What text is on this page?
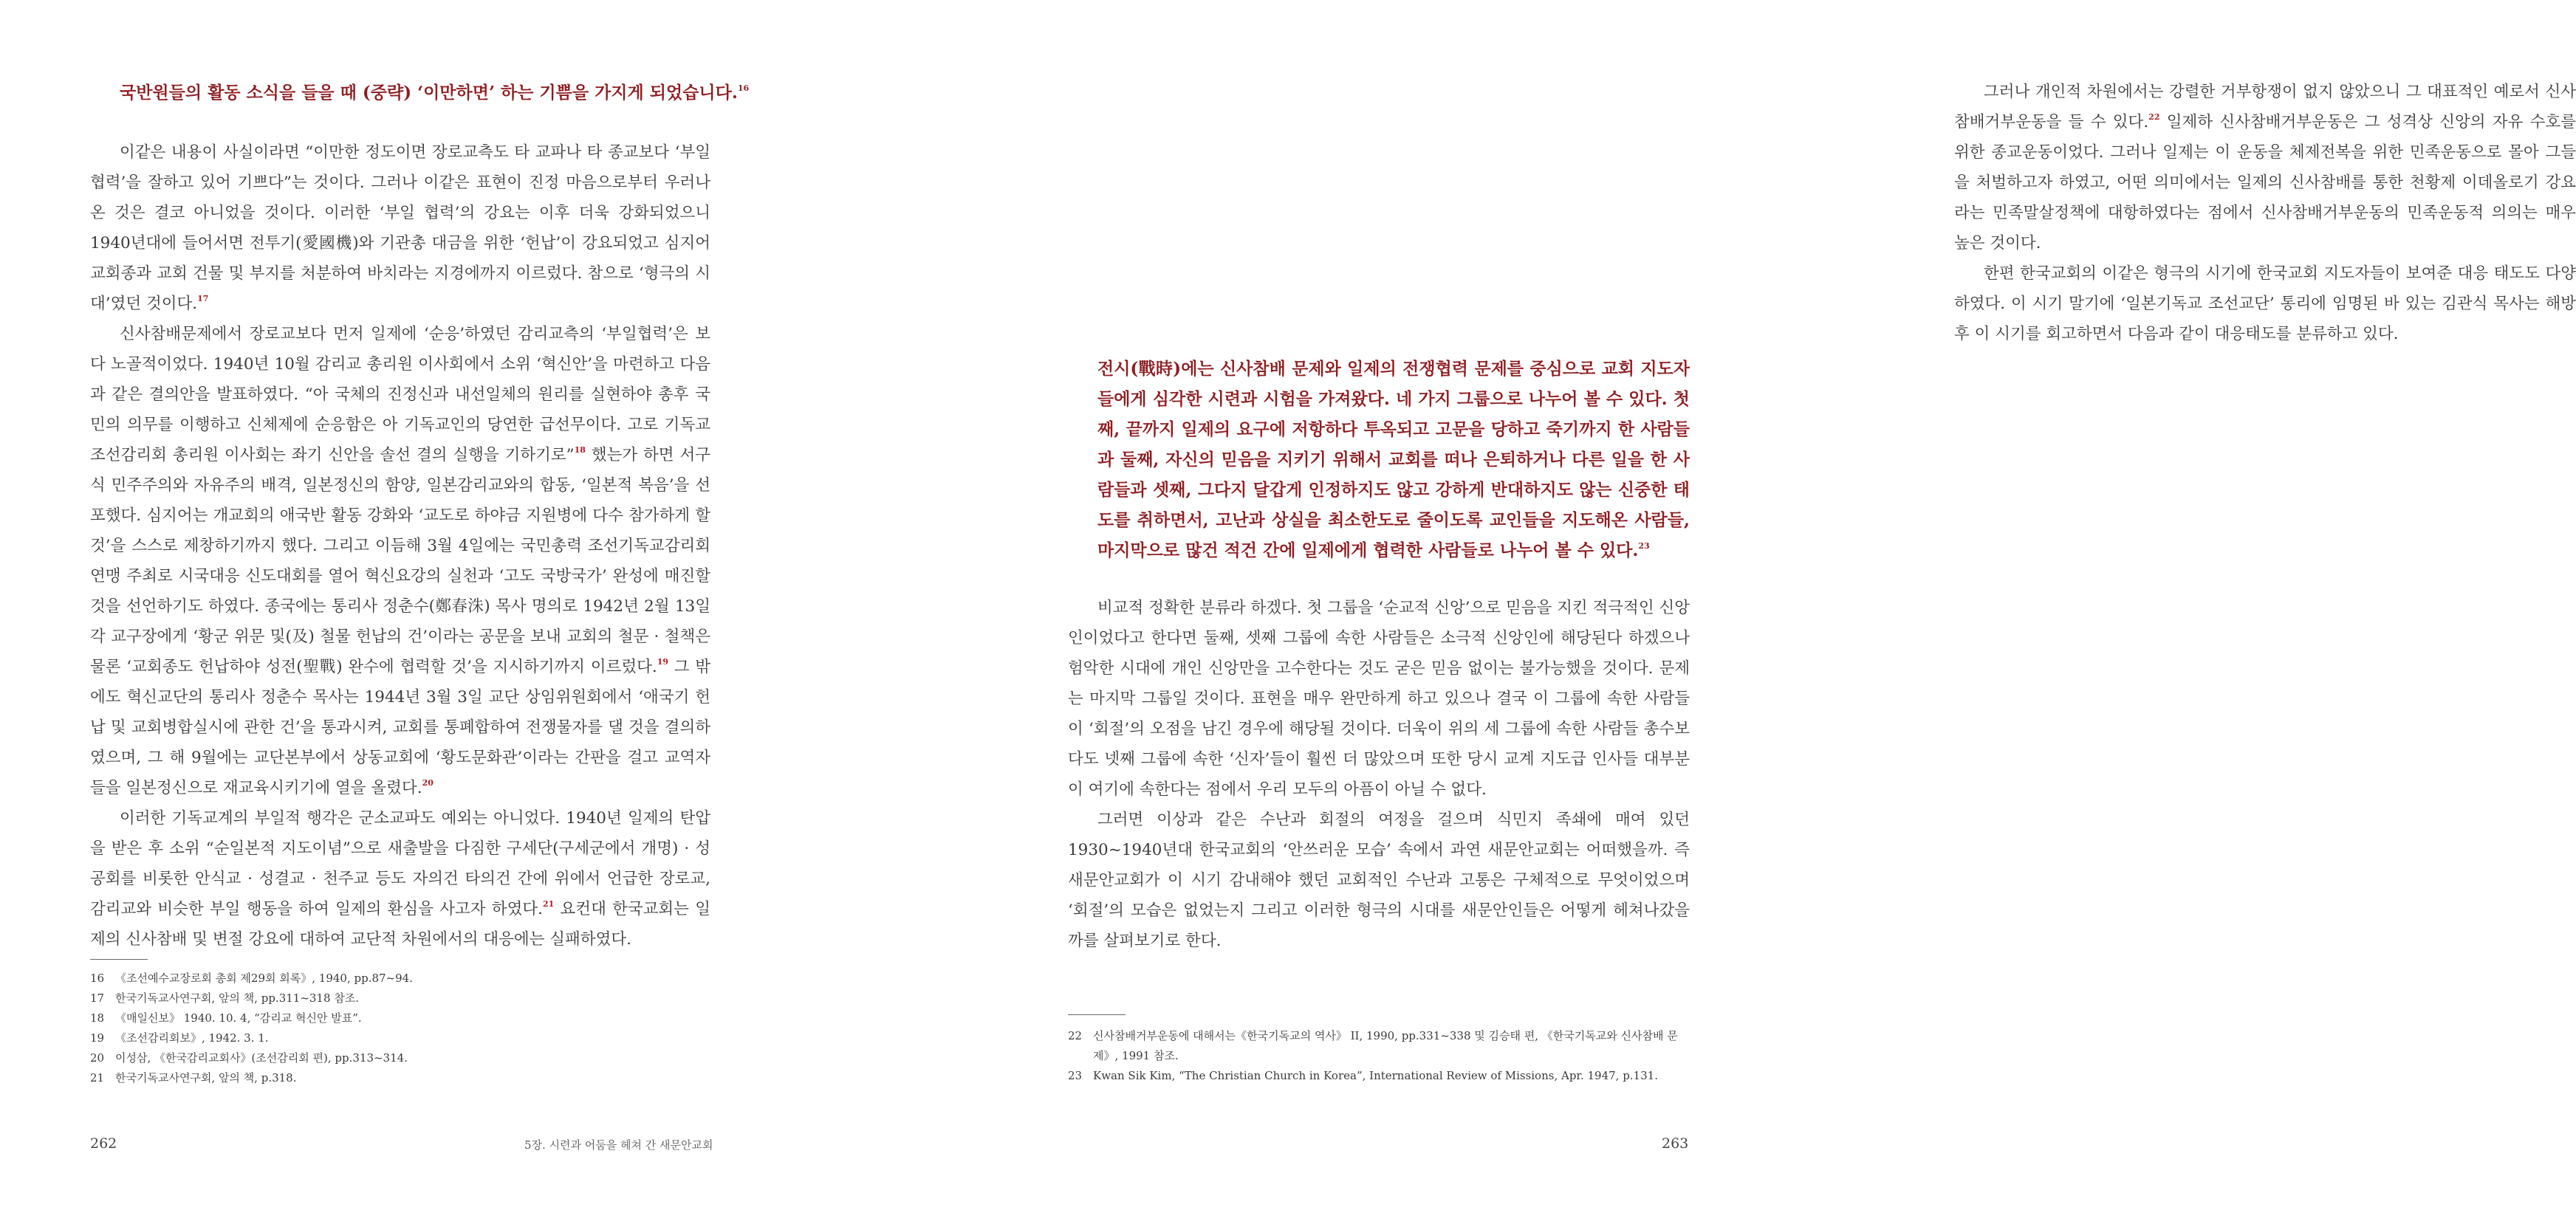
국반원들의 활동 소식을 들을 때 (중략) ‘이만하면’ 하는 기쁨을 가지게 되었습니다.$^{16}$

이같은 내용이 사실이라면 “이만한 정도이면 장로교측도 타 교파나 타 종교보다 ‘부일협력’을 잘하고 있어 기쁘다”는 것이다. 그러나 이같은 표현이 진정 마음으로부터 우러나온 것은 결코 아니었을 것이다. 이러한 ‘부일 협력’의 강요는 이후 더욱 강화되었으니 1940년대에 들어서면 전투기(愛國機)와 기관총 대금을 위한 ‘헌납’이 강요되었고 심지어 교회종과 교회 건물 및 부지를 처분하여 바치라는 지경에까지 이르렀다. 참으로 ‘형극의 시대’였던 것이다.$^{17}$

신사참배문제에서 장로교보다 먼저 일제에 ‘순응’하였던 감리교측의 ‘부일협력’은 보다 노골적이었다. 1940년 10월 감리교 총리원 이사회에서 소위 ‘혁신안’을 마련하고 다음과 같은 결의안을 발표하였다. “아 국체의 진정신과 내선일체의 원리를 실현하야 총후 국민의 의무를 이행하고 신체제에 순응함은 아 기독교인의 당연한 급선무이다. 고로 기독교조선감리회 총리원 이사회는 좌기 신안을 솔선 결의 실행을 기하기로”$^{18}$ 했는가 하면 서구식 민주주의와 자유주의 배격, 일본정신의 함양, 일본감리교와의 합동, ‘일본적 복음’을 선포했다. 심지어는 개교회의 애국반 활동 강화와 ‘교도로 하야금 지원병에 다수 참가하게 할 것’을 스스로 제창하기까지 했다. 그리고 이듬해 3월 4일에는 국민총력 조선기독교감리회연맹 주최로 시국대응 신도대회를 열어 혁신요강의 실천과 ‘고도 국방국가’ 완성에 매진할 것을 선언하기도 하였다. 종국에는 통리사 정춘수(鄭春洙) 목사 명의로 1942년 2월 13일 각 교구장에게 ‘황군 위문 및(及) 철물 헌납의 건’이라는 공문을 보내 교회의 철문 · 철책은 물론 ‘교회종도 헌납하야 성전(聖戰) 완수에 협력할 것’을 지시하기까지 이르렀다.$^{19}$ 그 밖에도 혁신교단의 통리사 정춘수 목사는 1944년 3월 3일 교단 상임위원회에서 ‘애국기 헌납 및 교회병합실시에 관한 건’을 통과시켜, 교회를 통폐합하여 전쟁물자를 댈 것을 결의하였으며, 그 해 9월에는 교단본부에서 상동교회에 ‘황도문화관’이라는 간판을 걸고 교역자들을 일본정신으로 재교육시키기에 열을 올렸다.$^{20}$

이러한 기독교계의 부일적 행각은 군소교파도 예외는 아니었다. 1940년 일제의 탄압을 받은 후 소위 “순일본적 지도이념”으로 새출발을 다짐한 구세단(구세군에서 개명) · 성공회를 비롯한 안식교 · 성결교 · 천주교 등도 자의건 타의건 간에 위에서 언급한 장로교, 감리교와 비슷한 부일 행동을 하여 일제의 환심을 사고자 하였다.$^{21}$ 요컨대 한국교회는 일제의 신사참배 및 변절 강요에 대하여 교단적 차원에서의 대응에는 실패하였다.

16 《조선예수교장로회 총회 제29회 회록》, 1940, pp.87~94.
17 한국기독교사연구회, 앞의 책, pp.311~318 참조.
18 《매일신보》 1940. 10. 4, “감리교 혁신안 발표”.
19 《조선감리회보》, 1942. 3. 1.
20 이성삼, 《한국감리교회사》(조선감리회 편), pp.313~314.
21 한국기독교사연구회, 앞의 책, p.318.
262	5장. 시련과 어둠을 헤쳐 간 새문안교회

그러나 개인적 차원에서는 강렬한 거부항쟁이 없지 않았으니 그 대표적인 예로서 신사참배거부운동을 들 수 있다.$^{22}$ 일제하 신사참배거부운동은 그 성격상 신앙의 자유 수호를 위한 종교운동이었다. 그러나 일제는 이 운동을 체제전복을 위한 민족운동으로 몰아 그들을 처벌하고자 하였고, 어떤 의미에서는 일제의 신사참배를 통한 천황제 이데올로기 강요라는 민족말살정책에 대항하였다는 점에서 신사참배거부운동의 민족운동적 의의는 매우 높은 것이다.

한편 한국교회의 이같은 형극의 시기에 한국교회 지도자들이 보여준 대응 태도도 다양하였다. 이 시기 말기에 ‘일본기독교 조선교단’ 통리에 임명된 바 있는 김관식 목사는 해방 후 이 시기를 회고하면서 다음과 같이 대응태도를 분류하고 있다.

전시(戰時)에는 신사참배 문제와 일제의 전쟁협력 문제를 중심으로 교회 지도자들에게 심각한 시련과 시험을 가져왔다. 네 가지 그룹으로 나누어 볼 수 있다. 첫째, 끝까지 일제의 요구에 저항하다 투옥되고 고문을 당하고 죽기까지 한 사람들과 둘째, 자신의 믿음을 지키기 위해서 교회를 떠나 은퇴하거나 다른 일을 한 사람들과 셋째, 그다지 달갑게 인정하지도 않고 강하게 반대하지도 않는 신중한 태도를 취하면서, 고난과 상실을 최소한도로 줄이도록 교인들을 지도해온 사람들, 마지막으로 많건 적건 간에 일제에게 협력한 사람들로 나누어 볼 수 있다.$^{23}$

비교적 정확한 분류라 하겠다. 첫 그룹을 ‘순교적 신앙’으로 믿음을 지킨 적극적인 신앙인이었다고 한다면 둘째, 셋째 그룹에 속한 사람들은 소극적 신앙인에 해당된다 하겠으나 험악한 시대에 개인 신앙만을 고수한다는 것도 굳은 믿음 없이는 불가능했을 것이다. 문제는 마지막 그룹일 것이다. 표현을 매우 완만하게 하고 있으나 결국 이 그룹에 속한 사람들이 ‘회절’의 오점을 남긴 경우에 해당될 것이다. 더욱이 위의 세 그룹에 속한 사람들 총수보다도 넷째 그룹에 속한 ‘신자’들이 훨씬 더 많았으며 또한 당시 교계 지도급 인사들 대부분이 여기에 속한다는 점에서 우리 모두의 아픔이 아닐 수 없다.

그러면 이상과 같은 수난과 회절의 여정을 걸으며 식민지 족쇄에 매여 있던 1930~1940년대 한국교회의 ‘안쓰러운 모습’ 속에서 과연 새문안교회는 어떠했을까. 즉 새문안교회가 이 시기 감내해야 했던 교회적인 수난과 고통은 구체적으로 무엇이었으며 ‘회절’의 모습은 없었는지 그리고 이러한 형극의 시대를 새문안인들은 어떻게 헤쳐나갔을까를 살펴보기로 한다.

22 신사참배거부운동에 대해서는《한국기독교의 역사》 II, 1990, pp.331~338 및 김승태 편, 《한국기독교와 신사참배 문제》, 1991 참조.
23 Kwan Sik Kim, “The Christian Church in Korea”, International Review of Missions, Apr. 1947, p.131.
263
